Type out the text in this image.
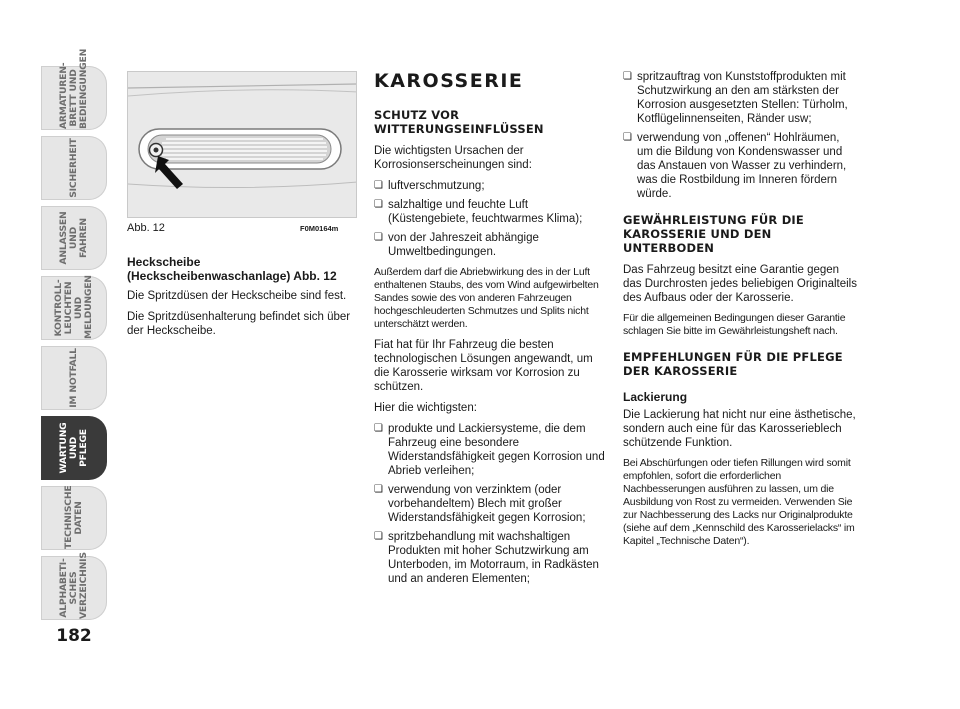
ARMATUREN-
BRETT UND
BEDIENGUNGEN
SICHERHEIT
ANLASSEN
UND FAHREN
KONTROLL-
LEUCHTEN UND
MELDUNGEN
IM NOTFALL
WARTUNG
UND PFLEGE
TECHNISCHE
DATEN
ALPHABETI-
SCHES
VERZEICHNIS
182
Abb. 12	F0M0164m
Heckscheibe (Heckscheibenwaschanlage) Abb. 12

Die Spritzdüsen der Heckscheibe sind fest.

Die Spritzdüsenhalterung befindet sich über der Heckscheibe.

KAROSSERIE
SCHUTZ VOR WITTERUNGSEINFLÜSSEN

Die wichtigsten Ursachen der Korrosionserscheinungen sind:

❏ luftverschmutzung;
❏ salzhaltige und feuchte Luft (Küstengebiete, feuchtwarmes Klima);
❏ von der Jahreszeit abhängige Umweltbedingungen.

Außerdem darf die Abriebwirkung des in der Luft enthaltenen Staubs, des vom Wind aufgewirbelten Sandes sowie des von anderen Fahrzeugen hochgeschleuderten Schmutzes und Splits nicht unterschätzt werden.

Fiat hat für Ihr Fahrzeug die besten technologischen Lösungen angewandt, um die Karosserie wirksam vor Korrosion zu schützen.

Hier die wichtigsten:

❏ produkte und Lackiersysteme, die dem Fahrzeug eine besondere Widerstandsfähigkeit gegen Korrosion und Abrieb verleihen;
❏ verwendung von verzinktem (oder vorbehandeltem) Blech mit großer Widerstandsfähigkeit gegen Korrosion;
❏ spritzbehandlung mit wachshaltigen Produkten mit hoher Schutzwirkung am Unterboden, im Motorraum, in Radkästen und an anderen Elementen;
❏ spritzauftrag von Kunststoffprodukten mit Schutzwirkung an den am stärksten der Korrosion ausgesetzten Stellen: Türholm, Kotflügelinnenseiten, Ränder usw;
❏ verwendung von „offenen“ Hohlräumen, um die Bildung von Kondenswasser und das Anstauen von Wasser zu verhindern, was die Rostbildung im Inneren fördern würde.
GEWÄHRLEISTUNG FÜR DIE KAROSSERIE UND DEN UNTERBODEN

Das Fahrzeug besitzt eine Garantie gegen das Durchrosten jedes beliebigen Originalteils des Aufbaus oder der Karosserie.

Für die allgemeinen Bedingungen dieser Garantie schlagen Sie bitte im Gewährleistungsheft nach.

EMPFEHLUNGEN FÜR DIE PFLEGE DER KAROSSERIE
Lackierung

Die Lackierung hat nicht nur eine ästhetische, sondern auch eine für das Karosserieblech schützende Funktion.

Bei Abschürfungen oder tiefen Rillungen wird somit empfohlen, sofort die erforderlichen Nachbesserungen ausführen zu lassen, um die Ausbildung von Rost zu vermeiden. Verwenden Sie zur Nachbesserung des Lacks nur Originalprodukte (siehe auf dem „Kennschild des Karosserielacks“ im Kapitel „Technische Daten“).
